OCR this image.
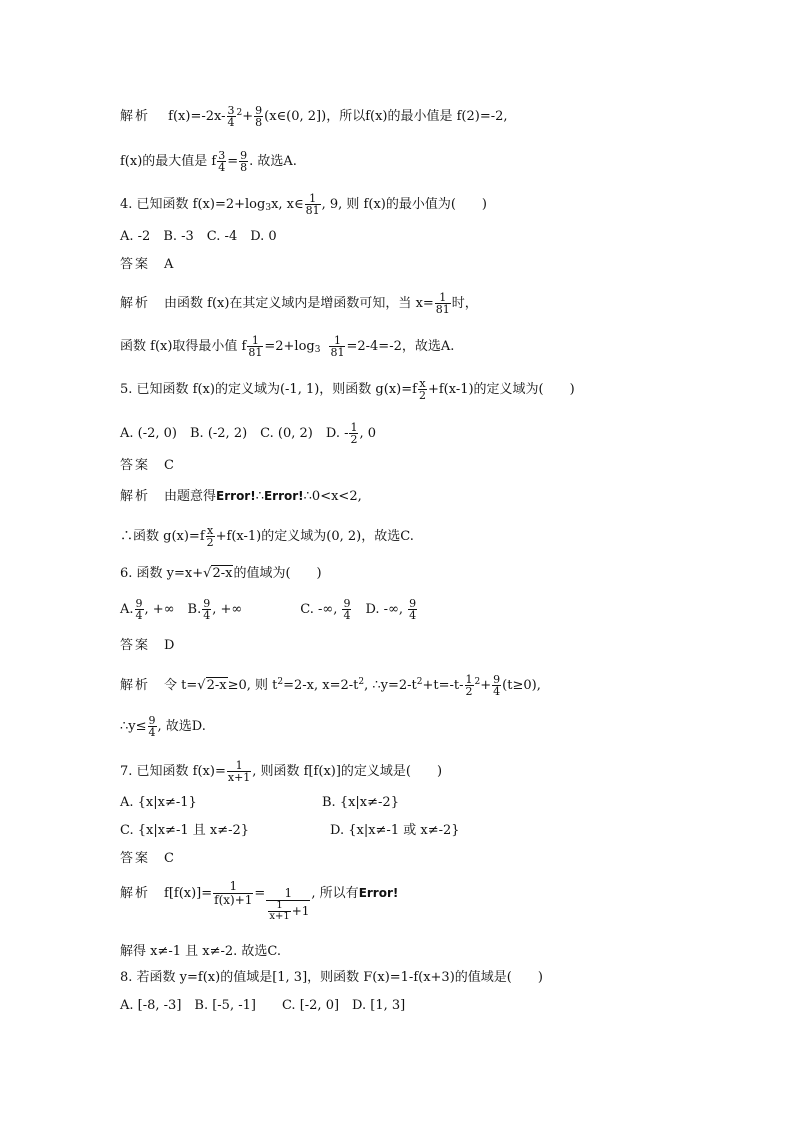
解析 $f(x)=-2x- \frac{3}{4} ^2+ \frac{9}{8}$ (x∈(0, 2])，所以f(x)的最小值是 f(2)=-2,
f(x)的最大值是 f $\frac{3}{4} = \frac{9}{8}$ . 故选A.
4. 已知函数 $f(x)=2+\log_3x$, x∈ $\frac{1}{81}$ , 9, 则 f(x)的最小值为(　　)
A. -2　B. -3　C. -4　D. 0
答案 A
解析 由函数 f(x)在其定义域内是增函数可知，当 $x= \frac{1}{81}$ 时，
函数 f(x)取得最小值 f $\frac{1}{81} =2+\log_3 \frac{1}{81} =2-4=-2$，故选A.
5. 已知函数 f(x)的定义域为(-1, 1)，则函数 $g(x)=f \frac{x}{2} +f(x-1)$的定义域为(　　)
A. (-2, 0)　B. (-2, 2)　C. (0, 2)　D. - $\frac{1}{2}$ , 0
答案 C
解析 由题意得Error!∴Error!∴0<x<2,
∴函数 $g(x)=f \frac{x}{2} +f(x-1)$的定义域为(0, 2)，故选C.
6. 函数 y=x+√2-x的值域为(　　)
A. $\frac{9}{4}$ , +∞　B. $\frac{9}{4}$ , +∞	C. -∞, $\frac{9}{4}$ 　D. -∞, $\frac{9}{4}$
答案 D
解析 令 t=√2-x≥0, 则 $t^2=2-x$, $x=2-t^2$, $\therefore y=2-t^2+t=-t- \frac{1}{2} ^2+ \frac{9}{4} (t\ge 0)$,
∴y≤ $\frac{9}{4}$ , 故选D.
7. 已知函数 $f(x)= \frac{1}{x+1}$ , 则函数 f[f(x)]的定义域是(　　)
A. {x|x≠-1}	B. {x|x≠-2}
C. {x|x≠-1 且 x≠-2}	D. {x|x≠-1 或 x≠-2}
答案 C
解析 $f[f(x)]= \frac{1}{f(x)+1} = \frac{1}{\frac{1}{x+1} +1}$ , 所以有Error!
解得 x≠-1 且 x≠-2. 故选C.
8. 若函数 y=f(x)的值域是[1, 3]，则函数 F(x)=1-f(x+3)的值域是(　　)
A. [-8, -3]　B. [-5, -1]　　C. [-2, 0]　D. [1, 3]
